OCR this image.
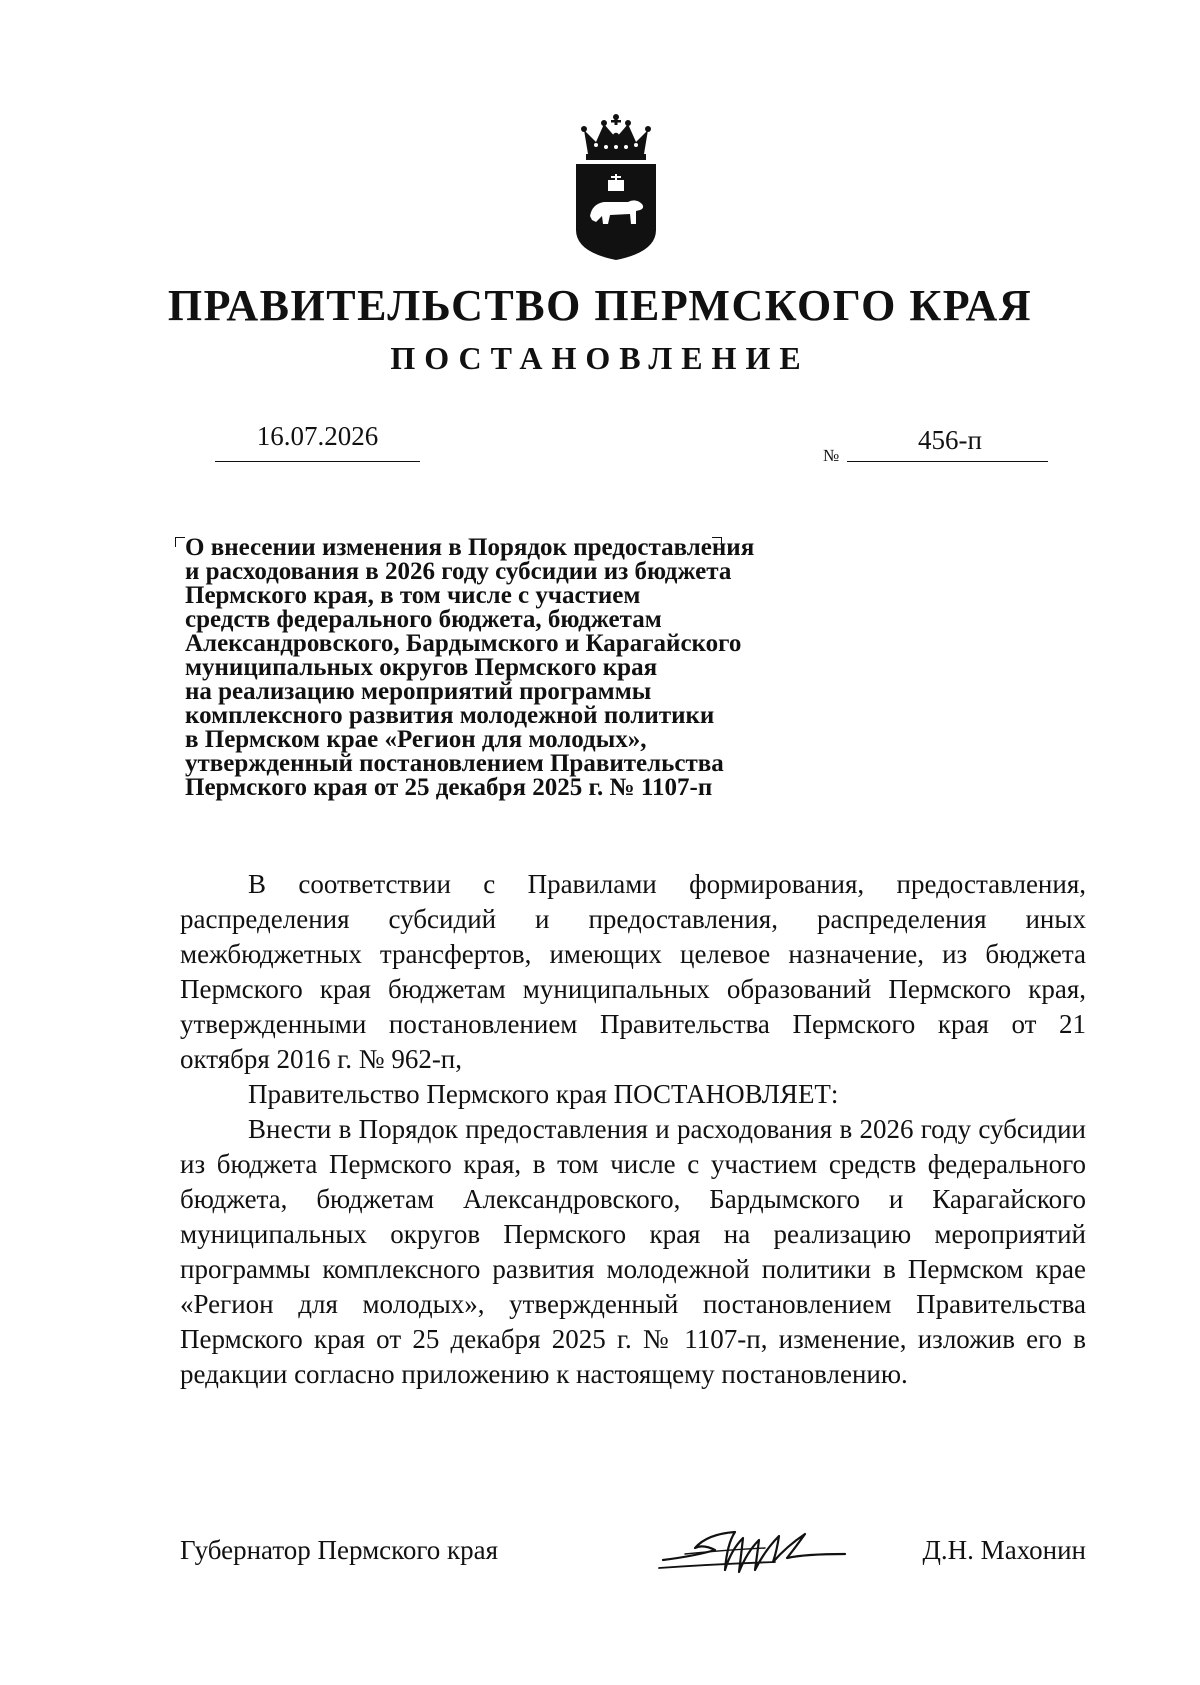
ПРАВИТЕЛЬСТВО ПЕРМСКОГО КРАЯ
ПОСТАНОВЛЕНИЕ
16.07.2026
№
456-п
О внесении изменения в Порядок предоставления
и расходования в 2026 году субсидии из бюджета
Пермского края, в том числе с участием
средств федерального бюджета, бюджетам
Александровского, Бардымского и Карагайского
муниципальных округов Пермского края
на реализацию мероприятий программы
комплексного развития молодежной политики
в Пермском крае «Регион для молодых»,
утвержденный постановлением Правительства
Пермского края от 25 декабря 2025 г. № 1107-п

В соответствии с Правилами формирования, предоставления, распределения субсидий и предоставления, распределения иных межбюджетных трансфертов, имеющих целевое назначение, из бюджета Пермского края бюджетам муниципальных образований Пермского края, утвержденными постановлением Правительства Пермского края от 21 октября 2016 г. № 962-п,

Правительство Пермского края ПОСТАНОВЛЯЕТ:

Внести в Порядок предоставления и расходования в 2026 году субсидии из бюджета Пермского края, в том числе с участием средств федерального бюджета, бюджетам Александровского, Бардымского и Карагайского муниципальных округов Пермского края на реализацию мероприятий программы комплексного развития молодежной политики в Пермском крае «Регион для молодых», утвержденный постановлением Правительства Пермского края от 25 декабря 2025 г. № 1107-п, изменение, изложив его в редакции согласно приложению к настоящему постановлению.

Губернатор Пермского края	Д.Н. Махонин
